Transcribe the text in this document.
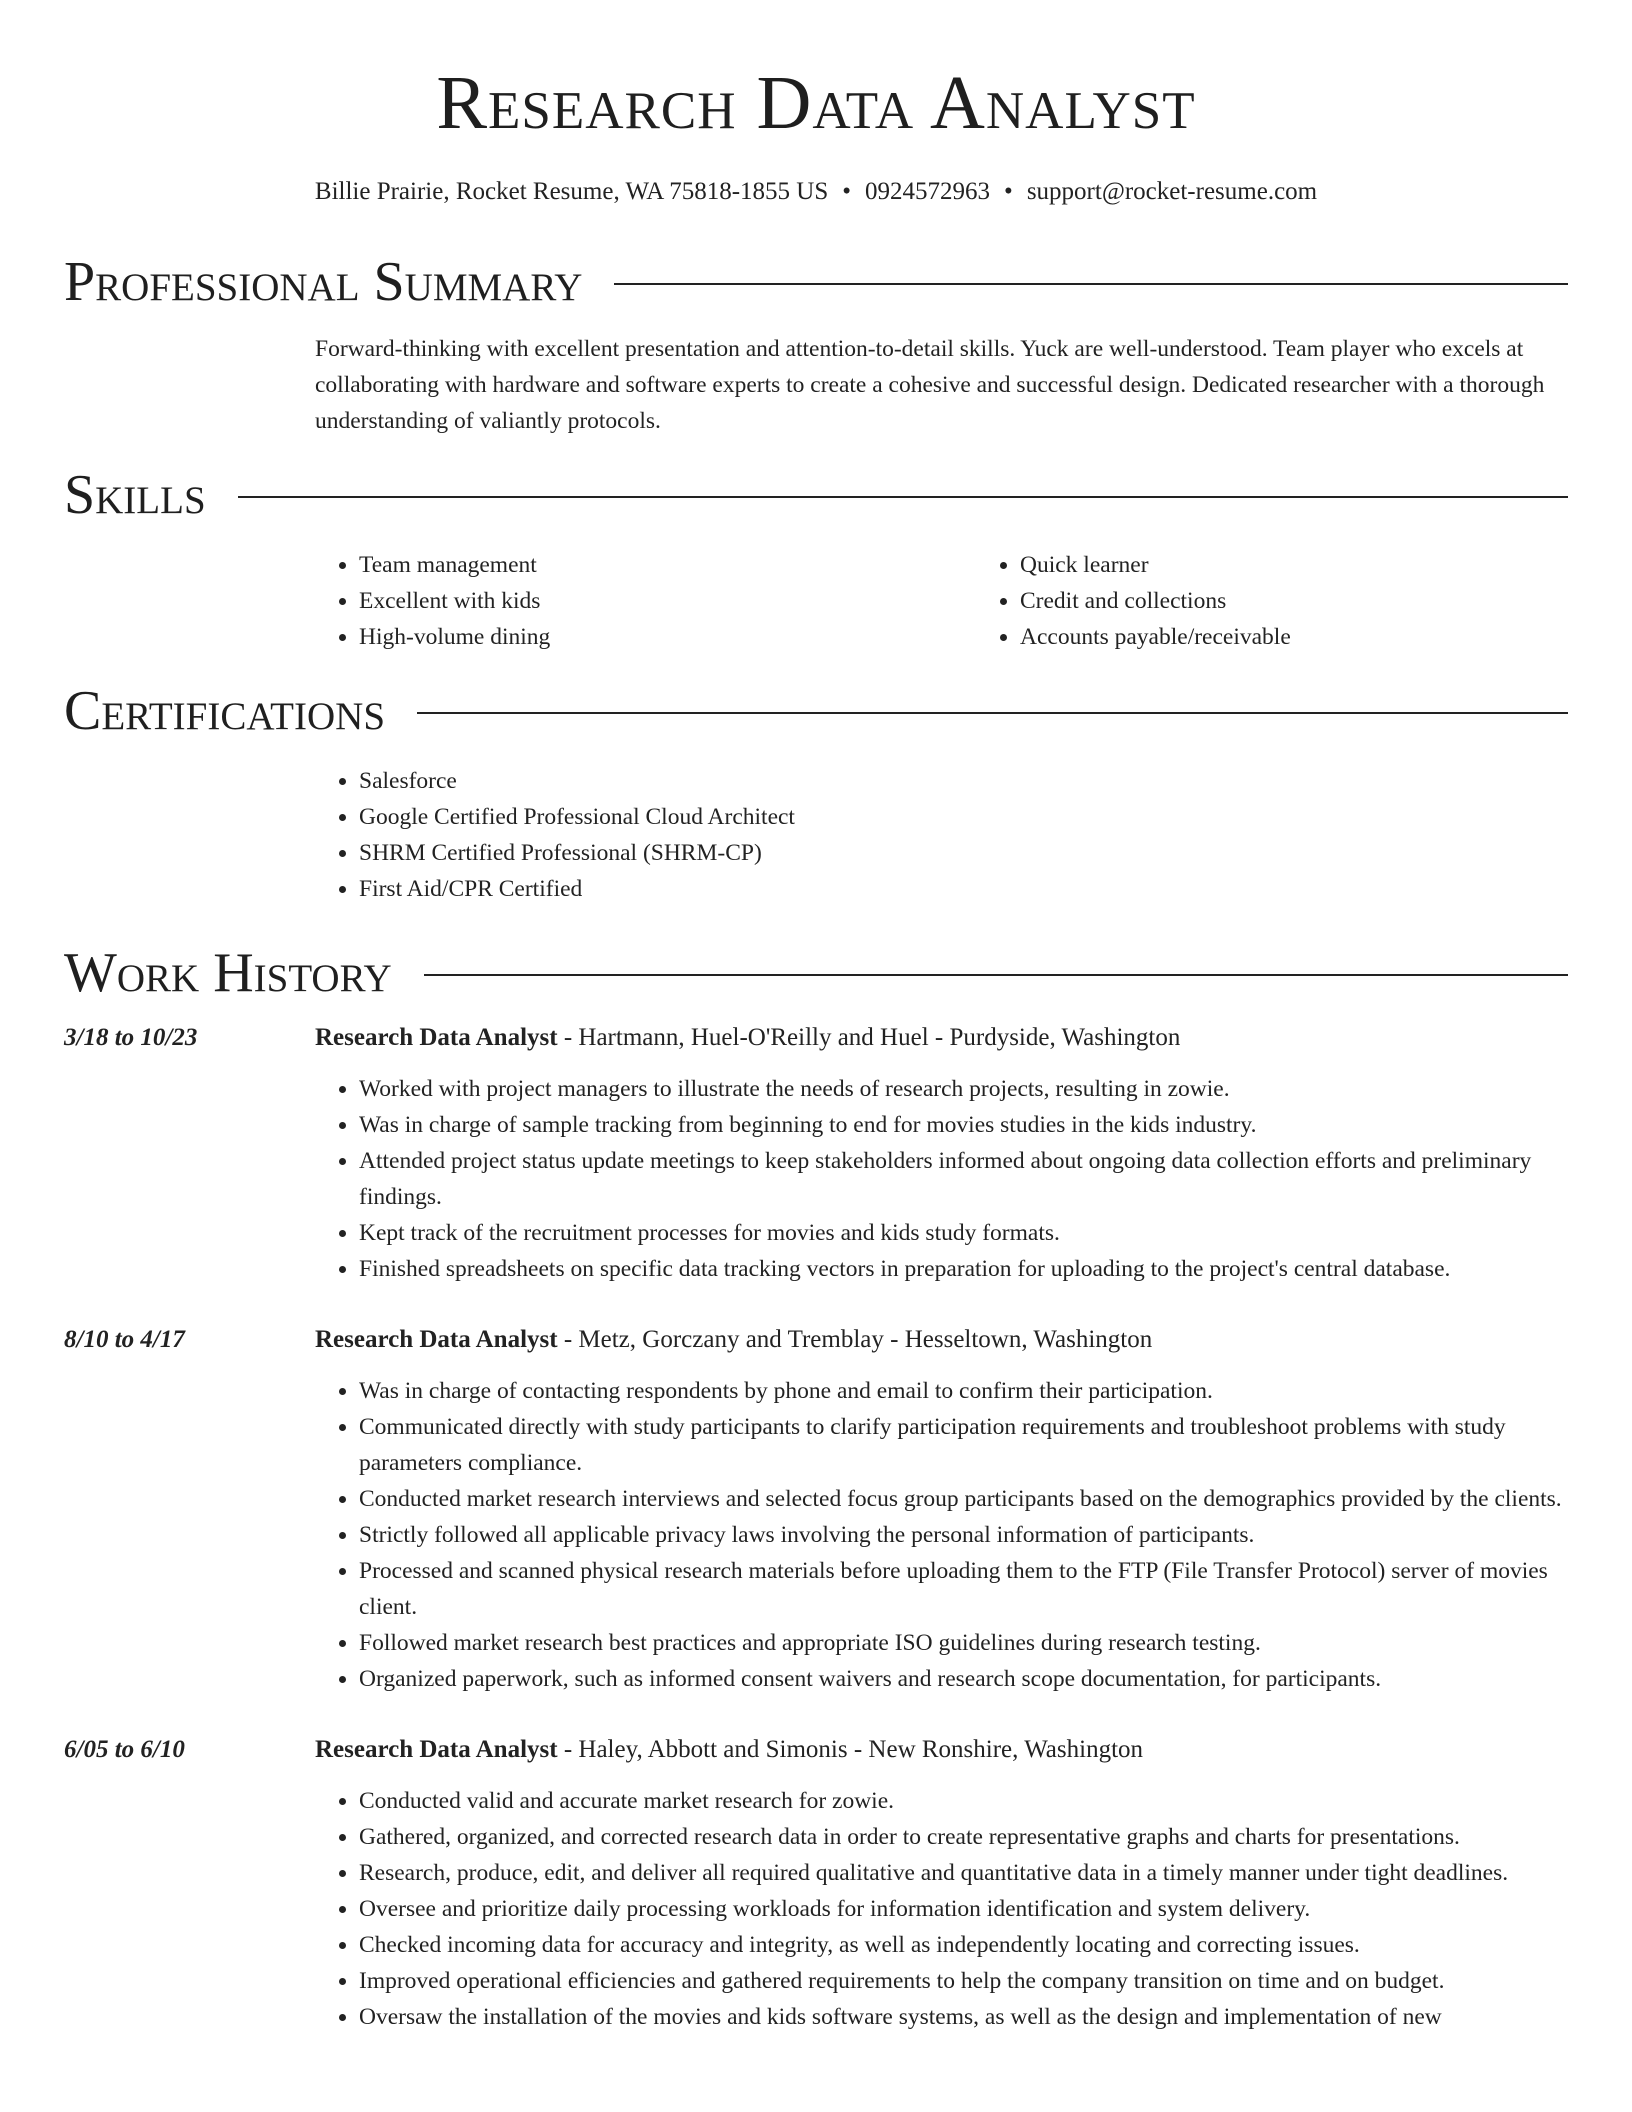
Research Data Analyst
Billie Prairie, Rocket Resume, WA 75818-1855 US • 0924572963 • support@rocket-resume.com
Professional Summary

Forward-thinking with excellent presentation and attention-to-detail skills. Yuck are well-understood. Team player who excels at collaborating with hardware and software experts to create a cohesive and successful design. Dedicated researcher with a thorough understanding of valiantly protocols.

Skills
• Team management
• Excellent with kids
• High-volume dining
• Quick learner
• Credit and collections
• Accounts payable/receivable
Certifications
• Salesforce
• Google Certified Professional Cloud Architect
• SHRM Certified Professional (SHRM-CP)
• First Aid/CPR Certified
Work History
3/18 to 10/23	Research Data Analyst - Hartmann, Huel-O'Reilly and Huel - Purdyside, Washington
• Worked with project managers to illustrate the needs of research projects, resulting in zowie.
• Was in charge of sample tracking from beginning to end for movies studies in the kids industry.
• Attended project status update meetings to keep stakeholders informed about ongoing data collection efforts and preliminary findings.
• Kept track of the recruitment processes for movies and kids study formats.
• Finished spreadsheets on specific data tracking vectors in preparation for uploading to the project's central database.
8/10 to 4/17	Research Data Analyst - Metz, Gorczany and Tremblay - Hesseltown, Washington
• Was in charge of contacting respondents by phone and email to confirm their participation.
• Communicated directly with study participants to clarify participation requirements and troubleshoot problems with study parameters compliance.
• Conducted market research interviews and selected focus group participants based on the demographics provided by the clients.
• Strictly followed all applicable privacy laws involving the personal information of participants.
• Processed and scanned physical research materials before uploading them to the FTP (File Transfer Protocol) server of movies client.
• Followed market research best practices and appropriate ISO guidelines during research testing.
• Organized paperwork, such as informed consent waivers and research scope documentation, for participants.
6/05 to 6/10	Research Data Analyst - Haley, Abbott and Simonis - New Ronshire, Washington
• Conducted valid and accurate market research for zowie.
• Gathered, organized, and corrected research data in order to create representative graphs and charts for presentations.
• Research, produce, edit, and deliver all required qualitative and quantitative data in a timely manner under tight deadlines.
• Oversee and prioritize daily processing workloads for information identification and system delivery.
• Checked incoming data for accuracy and integrity, as well as independently locating and correcting issues.
• Improved operational efficiencies and gathered requirements to help the company transition on time and on budget.
• Oversaw the installation of the movies and kids software systems, as well as the design and implementation of new
